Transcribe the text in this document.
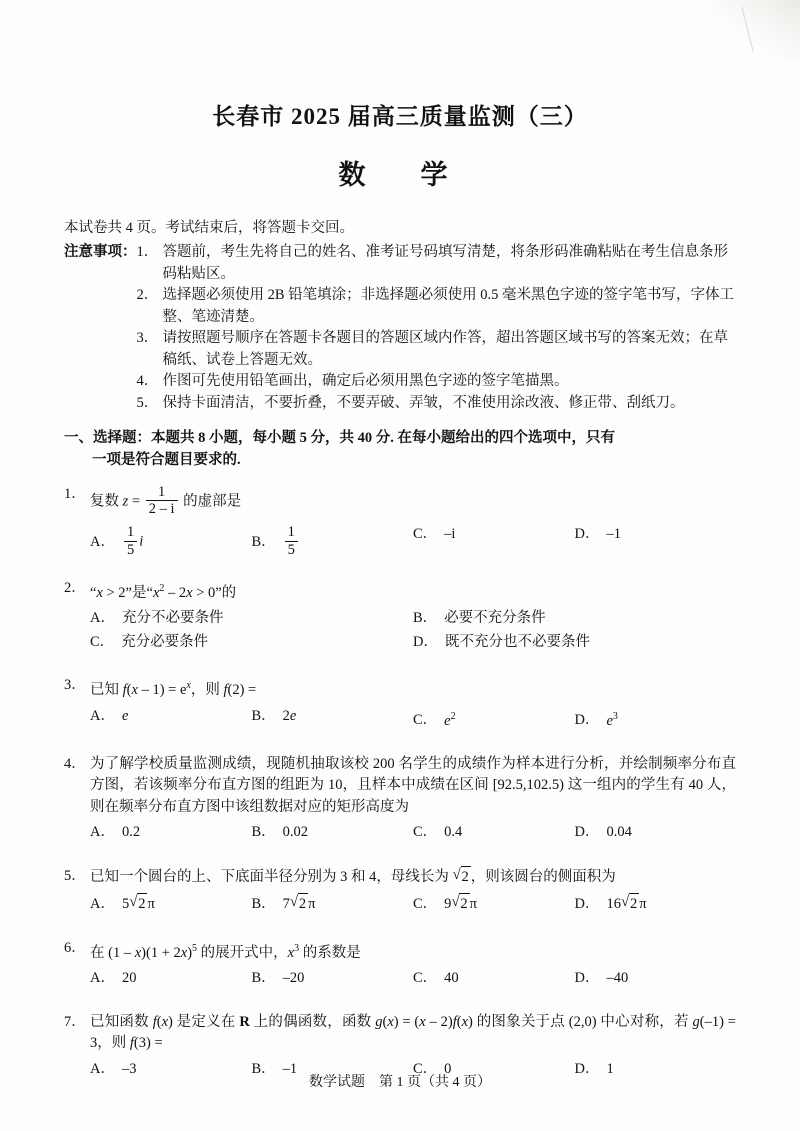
长春市 2025 届高三质量监测（三）
数　学
本试卷共 4 页。考试结束后，将答题卡交回。
注意事项： 1． 答题前，考生先将自己的姓名、准考证号码填写清楚，将条形码准确粘贴在考生信息条形码粘贴区。
2． 选择题必须使用 2B 铅笔填涂；非选择题必须使用 0.5 毫米黑色字迹的签字笔书写，字体工整、笔迹清楚。
3． 请按照题号顺序在答题卡各题目的答题区域内作答，超出答题区域书写的答案无效；在草稿纸、试卷上答题无效。
4． 作图可先使用铅笔画出，确定后必须用黑色字迹的签字笔描黑。
5． 保持卡面清洁，不要折叠，不要弄破、弄皱，不准使用涂改液、修正带、刮纸刀。
一、选择题：本题共 8 小题，每小题 5 分，共 40 分. 在每小题给出的四个选项中，只有
一项是符合题目要求的.
1． 复数 $z = \frac{1}{2 - i}$ 的虚部是
A． $\frac{1}{5}$ i	B． $\frac{1}{5}$	C． –i	D． –1
2． “x > 2”是“$x^2 - 2x > 0$”的
A． 充分不必要条件	B． 必要不充分条件
C． 充分必要条件	D． 既不充分也不必要条件
3． 已知 $f(x - 1) = e^x$，则 f(2) =
A． e	B． 2e	C． $e^2$	D． $e^3$
4． 为了解学校质量监测成绩，现随机抽取该校 200 名学生的成绩作为样本进行分析，并绘制频率分布直方图，若该频率分布直方图的组距为 10，且样本中成绩在区间 [92.5,102.5) 这一组内的学生有 40 人，则在频率分布直方图中该组数据对应的矩形高度为
A． 0.2	B． 0.02	C． 0.4	D． 0.04
5． 已知一个圆台的上、下底面半径分别为 3 和 4，母线长为 √ 2 ，则该圆台的侧面积为
A． 5 √ 2 π	B． 7 √ 2 π	C． 9 √ 2 π	D． 16 √ 2 π
6． 在 $(1 - x)(1 + 2x)^5$ 的展开式中，$x^3$ 的系数是
A． 20	B． –20	C． 40	D． –40
7． 已知函数 f(x) 是定义在 R 上的偶函数，函数 g(x) = (x – 2)f(x) 的图象关于点 (2,0) 中心对称，若 g(–1) = 3，则 f(3) =
A． –3	B． –1	C． 0	D． 1
数学试题　第 1 页（共 4 页）
